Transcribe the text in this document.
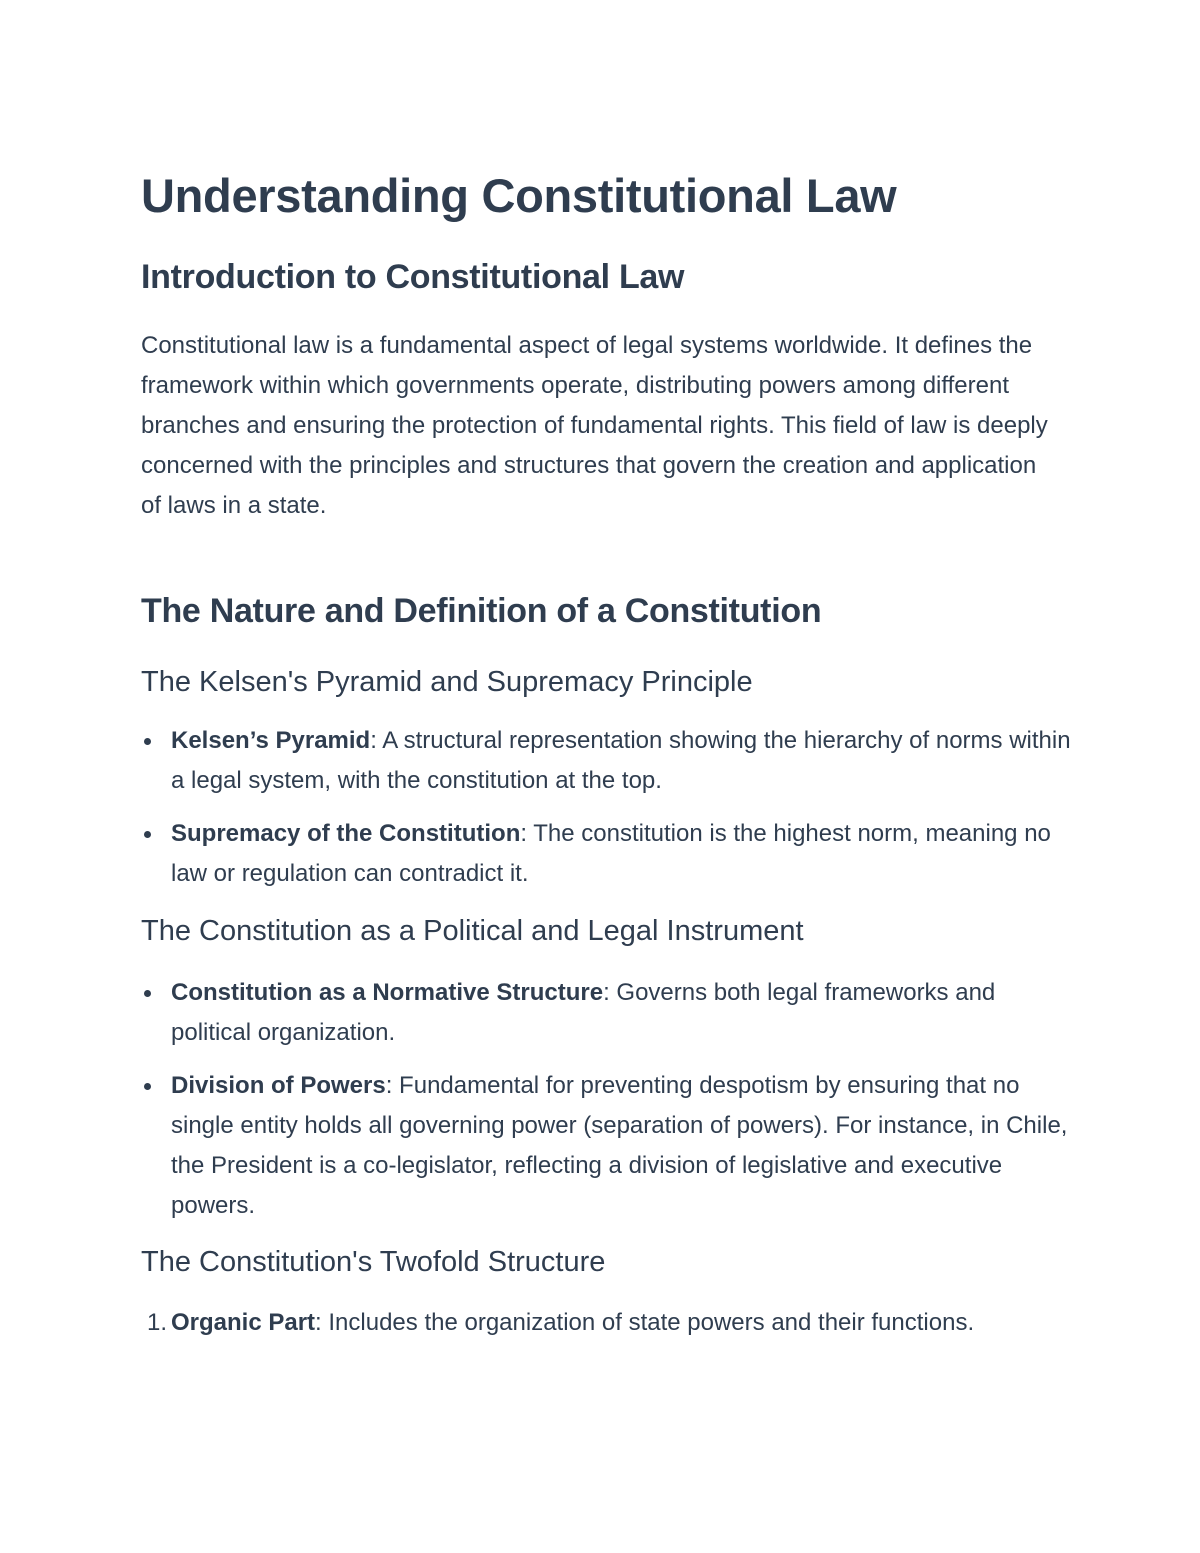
Understanding Constitutional Law
Introduction to Constitutional Law

Constitutional law is a fundamental aspect of legal systems worldwide. It defines the framework within which governments operate, distributing powers among different branches and ensuring the protection of fundamental rights. This field of law is deeply concerned with the principles and structures that govern the creation and application of laws in a state.

The Nature and Definition of a Constitution
The Kelsen's Pyramid and Supremacy Principle
Kelsen’s Pyramid: A structural representation showing the hierarchy of norms within a legal system, with the constitution at the top.
Supremacy of the Constitution: The constitution is the highest norm, meaning no law or regulation can contradict it.
The Constitution as a Political and Legal Instrument
Constitution as a Normative Structure: Governs both legal frameworks and political organization.
Division of Powers: Fundamental for preventing despotism by ensuring that no single entity holds all governing power (separation of powers). For instance, in Chile, the President is a co-legislator, reflecting a division of legislative and executive powers.
The Constitution's Twofold Structure
1. Organic Part: Includes the organization of state powers and their functions.
